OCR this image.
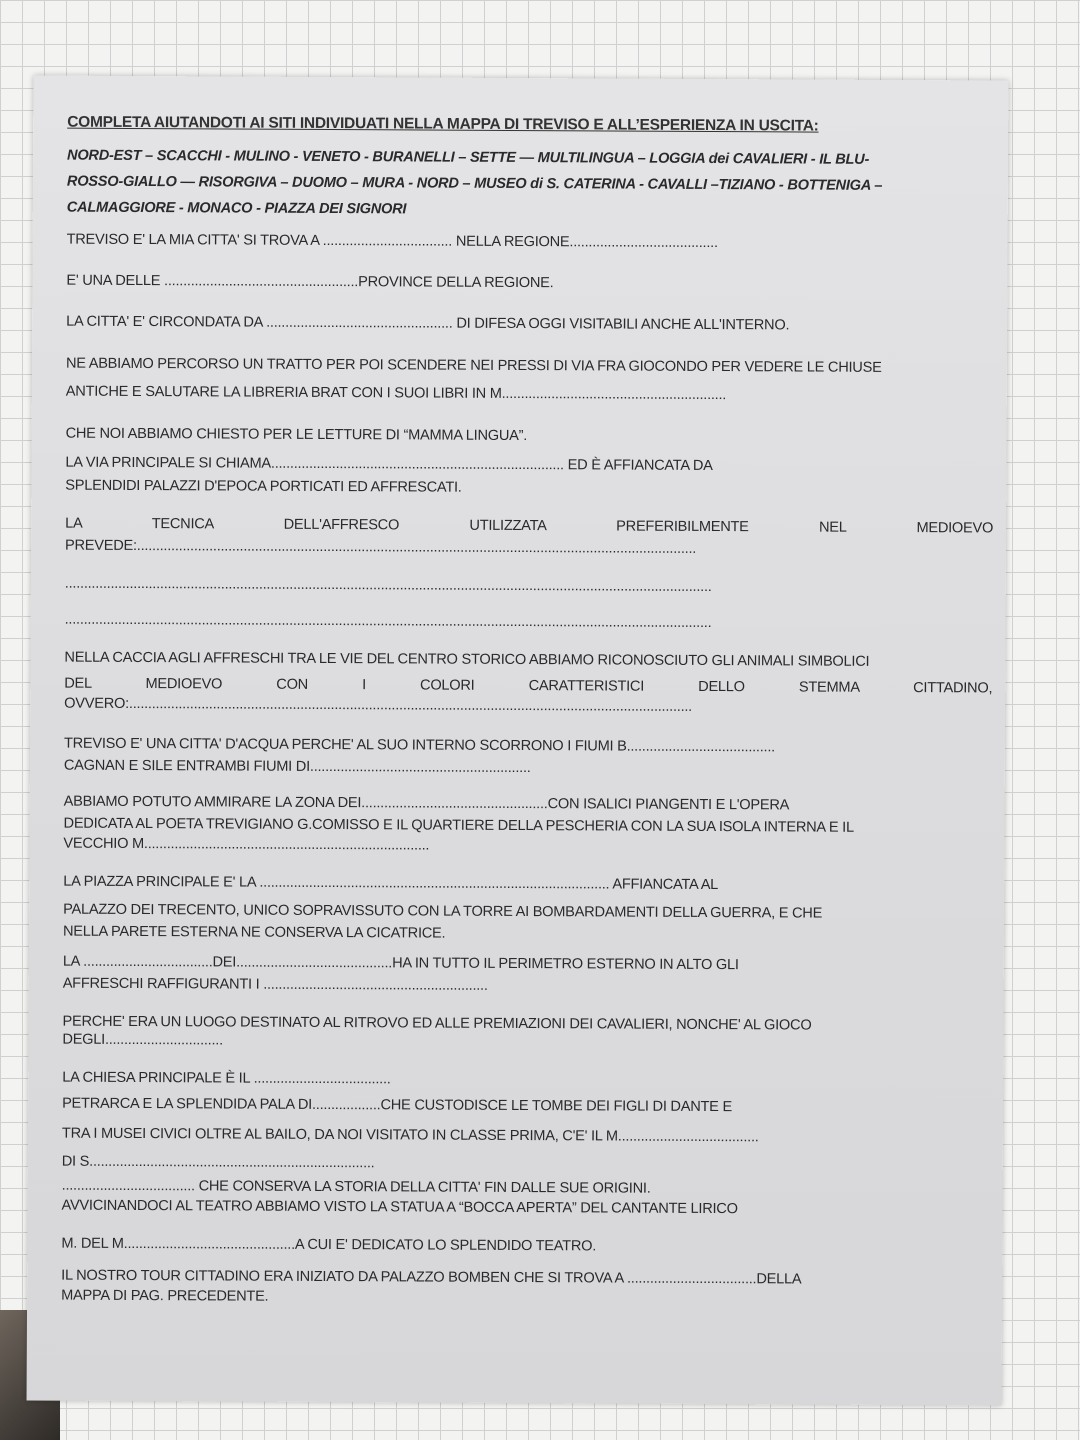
COMPLETA AIUTANDOTI AI SITI INDIVIDUATI NELLA MAPPA DI TREVISO E ALL’ESPERIENZA IN USCITA:
NORD-EST – SCACCHI - MULINO - VENETO - BURANELLI – SETTE — MULTILINGUA – LOGGIA dei CAVALIERI - IL BLU-
ROSSO-GIALLO — RISORGIVA – DUOMO – MURA - NORD – MUSEO di S. CATERINA - CAVALLI –TIZIANO - BOTTENIGA –
CALMAGGIORE - MONACO - PIAZZA DEI SIGNORI
TREVISO E' LA MIA CITTA' SI TROVA A .................................. NELLA REGIONE.......................................
E' UNA DELLE ...................................................PROVINCE DELLA REGIONE.
LA CITTA' E' CIRCONDATA DA ................................................. DI DIFESA OGGI VISITABILI ANCHE ALL'INTERNO.
NE ABBIAMO PERCORSO UN TRATTO PER POI SCENDERE NEI PRESSI DI VIA FRA GIOCONDO PER VEDERE LE CHIUSE
ANTICHE E SALUTARE LA LIBRERIA BRAT CON I SUOI LIBRI IN M...........................................................
CHE NOI ABBIAMO CHIESTO PER LE LETTURE DI “MAMMA LINGUA”.
LA VIA PRINCIPALE SI CHIAMA............................................................................. ED È AFFIANCATA DA
SPLENDIDI PALAZZI D'EPOCA PORTICATI ED AFFRESCATI.
LA TECNICA DELL'AFFRESCO UTILIZZATA PREFERIBILMENTE NEL MEDIOEVO
PREVEDE:...................................................................................................................................................
..........................................................................................................................................................................
..........................................................................................................................................................................
NELLA CACCIA AGLI AFFRESCHI TRA LE VIE DEL CENTRO STORICO ABBIAMO RICONOSCIUTO GLI ANIMALI SIMBOLICI
DEL MEDIOEVO CON I COLORI CARATTERISTICI DELLO STEMMA CITTADINO,
OVVERO:....................................................................................................................................................
TREVISO E' UNA CITTA' D'ACQUA PERCHE' AL SUO INTERNO SCORRONO I FIUMI B.......................................
CAGNAN E SILE ENTRAMBI FIUMI DI..........................................................
ABBIAMO POTUTO AMMIRARE LA ZONA DEI.................................................CON ISALICI PIANGENTI E L'OPERA
DEDICATA AL POETA TREVIGIANO G.COMISSO E IL QUARTIERE DELLA PESCHERIA CON LA SUA ISOLA INTERNA E IL
VECCHIO M...........................................................................
LA PIAZZA PRINCIPALE E' LA ............................................................................................ AFFIANCATA AL
PALAZZO DEI TRECENTO, UNICO SOPRAVISSUTO CON LA TORRE AI BOMBARDAMENTI DELLA GUERRA, E CHE
NELLA PARETE ESTERNA NE CONSERVA LA CICATRICE.
LA ..................................DEI.........................................HA IN TUTTO IL PERIMETRO ESTERNO IN ALTO GLI
AFFRESCHI RAFFIGURANTI I ...........................................................
PERCHE' ERA UN LUOGO DESTINATO AL RITROVO ED ALLE PREMIAZIONI DEI CAVALIERI, NONCHE' AL GIOCO
DEGLI...............................
LA CHIESA PRINCIPALE È IL ....................................
PETRARCA E LA SPLENDIDA PALA DI..................CHE CUSTODISCE LE TOMBE DEI FIGLI DI DANTE E
TRA I MUSEI CIVICI OLTRE AL BAILO, DA NOI VISITATO IN CLASSE PRIMA, C'E' IL M.....................................
DI S...........................................................................
................................... CHE CONSERVA LA STORIA DELLA CITTA' FIN DALLE SUE ORIGINI.
AVVICINANDOCI AL TEATRO ABBIAMO VISTO LA STATUA A “BOCCA APERTA” DEL CANTANTE LIRICO
M. DEL M.............................................A CUI E' DEDICATO LO SPLENDIDO TEATRO.
IL NOSTRO TOUR CITTADINO ERA INIZIATO DA PALAZZO BOMBEN CHE SI TROVA A ..................................DELLA
MAPPA DI PAG. PRECEDENTE.
